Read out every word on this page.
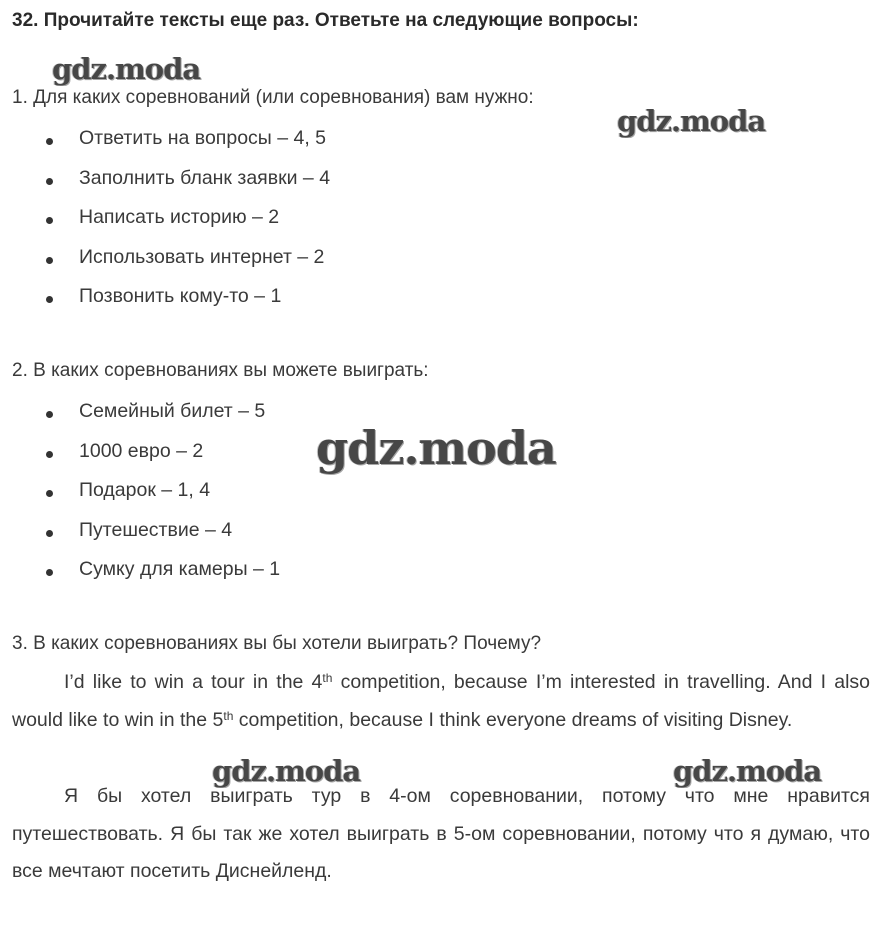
32. Прочитайте тексты еще раз. Ответьте на следующие вопросы:
1. Для каких соревнований (или соревнования) вам нужно:
Ответить на вопросы – 4, 5
Заполнить бланк заявки – 4
Написать историю – 2
Использовать интернет – 2
Позвонить кому-то – 1
2. В каких соревнованиях вы можете выиграть:
Семейный билет – 5
1000 евро – 2
Подарок – 1, 4
Путешествие – 4
Сумку для камеры – 1
3. В каких соревнованиях вы бы хотели выиграть? Почему?

I’d like to win a tour in the 4th competition, because I’m interested in travelling. And I also would like to win in the 5th competition, because I think everyone dreams of visiting Disney.

Я бы хотел выиграть тур в 4-ом соревновании, потому что мне нравится путешествовать. Я бы так же хотел выиграть в 5-ом соревновании, потому что я думаю, что все мечтают посетить Диснейленд.

gdz.moda
gdz.moda
gdz.moda
gdz.moda	gdz.moda
